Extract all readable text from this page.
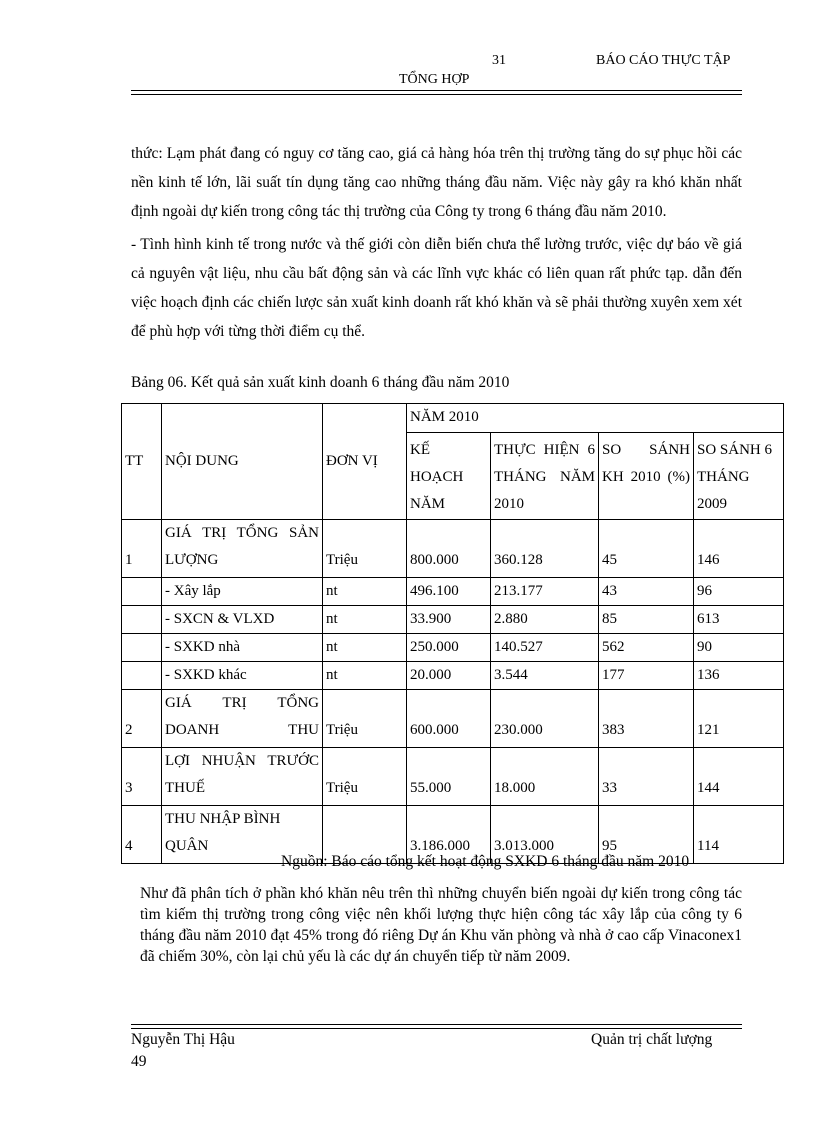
31	BÁO CÁO THỰC TẬP
TỔNG HỢP

thức: Lạm phát đang có nguy cơ tăng cao, giá cả hàng hóa trên thị trường tăng do sự phục hồi các nền kinh tế lớn, lãi suất tín dụng tăng cao những tháng đầu năm. Việc này gây ra khó khăn nhất định ngoài dự kiến trong công tác thị trường của Công ty trong 6 tháng đầu năm 2010.

- Tình hình kinh tế trong nước và thế giới còn diễn biến chưa thể lường trước, việc dự báo về giá cả nguyên vật liệu, nhu cầu bất động sản và các lĩnh vực khác có liên quan rất phức tạp. dẫn đến việc hoạch định các chiến lược sản xuất kinh doanh rất khó khăn và sẽ phải thường xuyên xem xét để phù hợp với từng thời điểm cụ thể.

Bảng 06. Kết quả sản xuất kinh doanh 6 tháng đầu năm 2010
TT	NỘI DUNG	ĐƠN VỊ	NĂM 2010			

			KẾ HOẠCH NĂM	THỰC HIỆN 6 THÁNG NĂM 2010	SO SÁNH KH 2010 (%)	SO SÁNH 6 THÁNG 2009

1	GIÁ TRỊ TỔNG SẢN LƯỢNG	Triệu	800.000	360.128	45	146
	- Xây lắp	nt	496.100	213.177	43	96
	- SXCN & VLXD	nt	33.900	2.880	85	613
	- SXKD nhà	nt	250.000	140.527	562	90
	- SXKD khác	nt	20.000	3.544	177	136
2	GIÁ TRỊ TỔNG DOANH THU	Triệu	600.000	230.000	383	121
3	LỢI NHUẬN TRƯỚC THUẾ	Triệu	55.000	18.000	33	144
4	THU NHẬP BÌNH QUÂN		3.186.000	3.013.000	95	114
Nguồn: Báo cáo tổng kết hoạt động SXKD 6 tháng đầu năm 2010

Như đã phân tích ở phần khó khăn nêu trên thì những chuyển biến ngoài dự kiến trong công tác tìm kiếm thị trường trong công việc nên khối lượng thực hiện công tác xây lắp của công ty 6 tháng đầu năm 2010 đạt 45% trong đó riêng Dự án Khu văn phòng và nhà ở cao cấp Vinaconex1 đã chiếm 30%, còn lại chủ yếu là các dự án chuyển tiếp từ năm 2009.

Nguyễn Thị Hậu
49
Quản trị chất lượng
